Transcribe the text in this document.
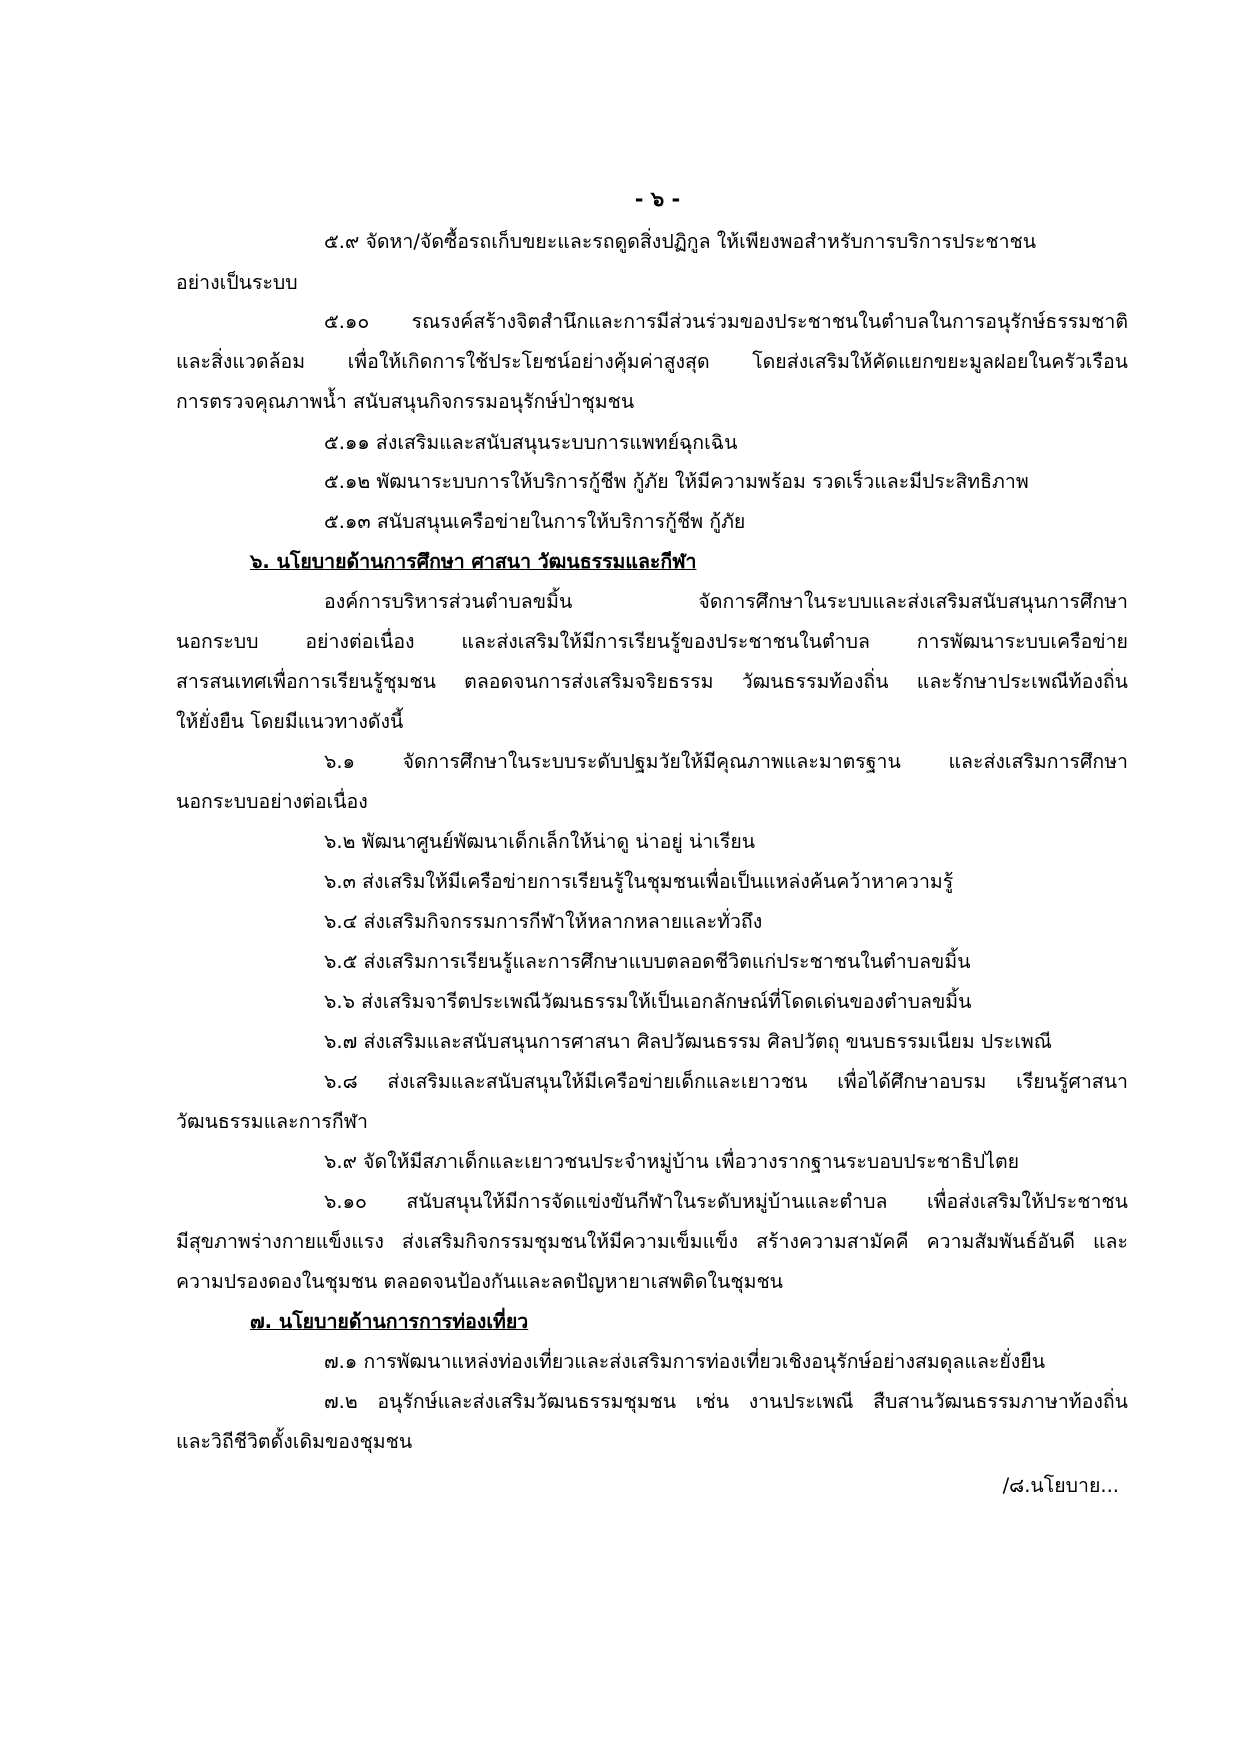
- ๖ -
๕.๙ จัดหา/จัดซื้อรถเก็บขยะและรถดูดสิ่งปฏิกูล ให้เพียงพอสำหรับการบริการประชาชน
อย่างเป็นระบบ
๕.๑๐ รณรงค์สร้างจิตสำนึกและการมีส่วนร่วมของประชาชนในตำบลในการอนุรักษ์ธรรมชาติ
และสิ่งแวดล้อม เพื่อให้เกิดการใช้ประโยชน์อย่างคุ้มค่าสูงสุด โดยส่งเสริมให้คัดแยกขยะมูลฝอยในครัวเรือน
การตรวจคุณภาพน้ำ สนับสนุนกิจกรรมอนุรักษ์ป่าชุมชน
๕.๑๑ ส่งเสริมและสนับสนุนระบบการแพทย์ฉุกเฉิน
๕.๑๒ พัฒนาระบบการให้บริการกู้ชีพ กู้ภัย ให้มีความพร้อม รวดเร็วและมีประสิทธิภาพ
๕.๑๓ สนับสนุนเครือข่ายในการให้บริการกู้ชีพ กู้ภัย
๖. นโยบายด้านการศึกษา ศาสนา วัฒนธรรมและกีฬา
องค์การบริหารส่วนตำบลขมิ้น จัดการศึกษาในระบบและส่งเสริมสนับสนุนการศึกษา
นอกระบบ อย่างต่อเนื่อง และส่งเสริมให้มีการเรียนรู้ของประชาชนในตำบล การพัฒนาระบบเครือข่าย
สารสนเทศเพื่อการเรียนรู้ชุมชน ตลอดจนการส่งเสริมจริยธรรม วัฒนธรรมท้องถิ่น และรักษาประเพณีท้องถิ่น
ให้ยั่งยืน โดยมีแนวทางดังนี้
๖.๑ จัดการศึกษาในระบบระดับปฐมวัยให้มีคุณภาพและมาตรฐาน และส่งเสริมการศึกษา
นอกระบบอย่างต่อเนื่อง
๖.๒ พัฒนาศูนย์พัฒนาเด็กเล็กให้น่าดู น่าอยู่ น่าเรียน
๖.๓ ส่งเสริมให้มีเครือข่ายการเรียนรู้ในชุมชนเพื่อเป็นแหล่งค้นคว้าหาความรู้
๖.๔ ส่งเสริมกิจกรรมการกีฬาให้หลากหลายและทั่วถึง
๖.๕ ส่งเสริมการเรียนรู้และการศึกษาแบบตลอดชีวิตแก่ประชาชนในตำบลขมิ้น
๖.๖ ส่งเสริมจารีตประเพณีวัฒนธรรมให้เป็นเอกลักษณ์ที่โดดเด่นของตำบลขมิ้น
๖.๗ ส่งเสริมและสนับสนุนการศาสนา ศิลปวัฒนธรรม ศิลปวัตถุ ขนบธรรมเนียม ประเพณี
๖.๘ ส่งเสริมและสนับสนุนให้มีเครือข่ายเด็กและเยาวชน เพื่อได้ศึกษาอบรม เรียนรู้ศาสนา
วัฒนธรรมและการกีฬา
๖.๙ จัดให้มีสภาเด็กและเยาวชนประจำหมู่บ้าน เพื่อวางรากฐานระบอบประชาธิปไตย
๖.๑๐ สนับสนุนให้มีการจัดแข่งขันกีฬาในระดับหมู่บ้านและตำบล เพื่อส่งเสริมให้ประชาชน
มีสุขภาพร่างกายแข็งแรง ส่งเสริมกิจกรรมชุมชนให้มีความเข็มแข็ง สร้างความสามัคคี ความสัมพันธ์อันดี และ
ความปรองดองในชุมชน ตลอดจนป้องกันและลดปัญหายาเสพติดในชุมชน
๗. นโยบายด้านการการท่องเที่ยว
๗.๑ การพัฒนาแหล่งท่องเที่ยวและส่งเสริมการท่องเที่ยวเชิงอนุรักษ์อย่างสมดุลและยั่งยืน
๗.๒ อนุรักษ์และส่งเสริมวัฒนธรรมชุมชน เช่น งานประเพณี สืบสานวัฒนธรรมภาษาท้องถิ่น
และวิถีชีวิตดั้งเดิมของชุมชน
/๘.นโยบาย...
